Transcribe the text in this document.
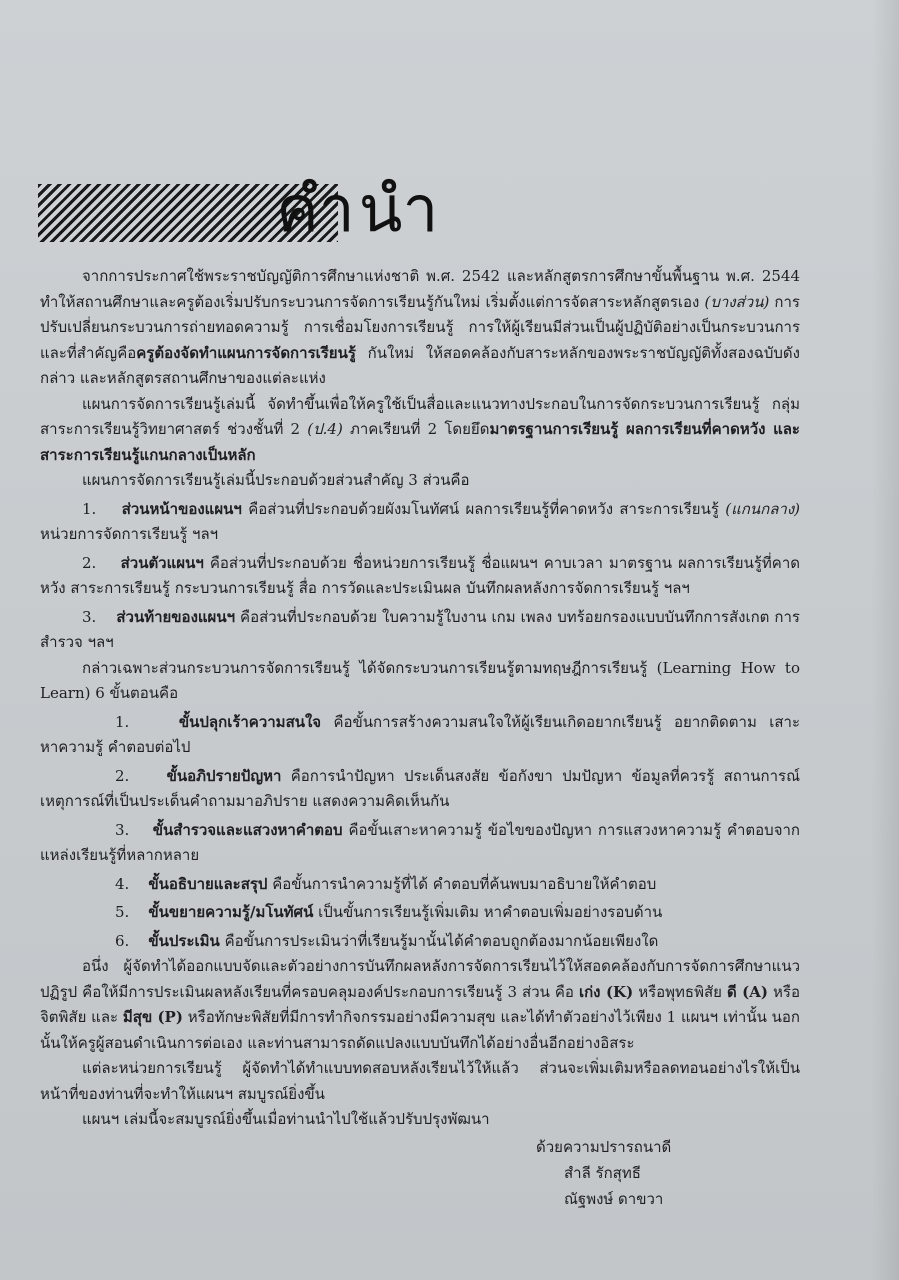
คำนำ

จากการประกาศใช้พระราชบัญญัติการศึกษาแห่งชาติ พ.ศ. 2542 และหลักสูตรการศึกษาขั้นพื้นฐาน พ.ศ. 2544 ทำให้สถานศึกษาและครูต้องเริ่มปรับกระบวนการจัดการเรียนรู้กันใหม่ เริ่มตั้งแต่การจัดสาระหลักสูตรเอง (บางส่วน) การปรับเปลี่ยนกระบวนการถ่ายทอดความรู้ การเชื่อมโยงการเรียนรู้ การให้ผู้เรียนมีส่วนเป็นผู้ปฏิบัติอย่างเป็นกระบวนการ และที่สำคัญคือครูต้องจัดทำแผนการจัดการเรียนรู้ กันใหม่ ให้สอดคล้องกับสาระหลักของพระราชบัญญัติทั้งสองฉบับดังกล่าว และหลักสูตรสถานศึกษาของแต่ละแห่ง

แผนการจัดการเรียนรู้เล่มนี้ จัดทำขึ้นเพื่อให้ครูใช้เป็นสื่อและแนวทางประกอบในการจัดกระบวนการเรียนรู้ กลุ่มสาระการเรียนรู้วิทยาศาสตร์ ช่วงชั้นที่ 2 (ป.4) ภาคเรียนที่ 2 โดยยึดมาตรฐานการเรียนรู้ ผลการเรียนที่คาดหวัง และสาระการเรียนรู้แกนกลางเป็นหลัก

แผนการจัดการเรียนรู้เล่มนี้ประกอบด้วยส่วนสำคัญ 3 ส่วนคือ

1. ส่วนหน้าของแผนฯ คือส่วนที่ประกอบด้วยผังมโนทัศน์ ผลการเรียนรู้ที่คาดหวัง สาระการเรียนรู้ (แกนกลาง) หน่วยการจัดการเรียนรู้ ฯลฯ

2. ส่วนตัวแผนฯ คือส่วนที่ประกอบด้วย ชื่อหน่วยการเรียนรู้ ชื่อแผนฯ คาบเวลา มาตรฐาน ผลการเรียนรู้ที่คาดหวัง สาระการเรียนรู้ กระบวนการเรียนรู้ สื่อ การวัดและประเมินผล บันทึกผลหลังการจัดการเรียนรู้ ฯลฯ

3. ส่วนท้ายของแผนฯ คือส่วนที่ประกอบด้วย ใบความรู้ใบงาน เกม เพลง บทร้อยกรองแบบบันทึกการสังเกต การสำรวจ ฯลฯ

กล่าวเฉพาะส่วนกระบวนการจัดการเรียนรู้ ได้จัดกระบวนการเรียนรู้ตามทฤษฎีการเรียนรู้ (Learning How to Learn) 6 ขั้นตอนคือ

1.	ขั้นปลุกเร้าความสนใจ คือขั้นการสร้างความสนใจให้ผู้เรียนเกิดอยากเรียนรู้ อยากติดตาม เสาะหาความรู้ คำตอบต่อไป

2. ขั้นอภิปรายปัญหา คือการนำปัญหา ประเด็นสงสัย ข้อกังขา ปมปัญหา ข้อมูลที่ควรรู้ สถานการณ์ เหตุการณ์ที่เป็นประเด็นคำถามมาอภิปราย แสดงความคิดเห็นกัน

3. ขั้นสำรวจและแสวงหาคำตอบ คือขั้นเสาะหาความรู้ ข้อไขของปัญหา การแสวงหาความรู้ คำตอบจากแหล่งเรียนรู้ที่หลากหลาย

4. ขั้นอธิบายและสรุป คือขั้นการนำความรู้ที่ได้ คำตอบที่ค้นพบมาอธิบายให้คำตอบ

5. ขั้นขยายความรู้/มโนทัศน์ เป็นขั้นการเรียนรู้เพิ่มเติม หาคำตอบเพิ่มอย่างรอบด้าน

6. ขั้นประเมิน คือขั้นการประเมินว่าที่เรียนรู้มานั้นได้คำตอบถูกต้องมากน้อยเพียงใด

อนึ่ง ผู้จัดทำได้ออกแบบจัดและตัวอย่างการบันทึกผลหลังการจัดการเรียนไว้ให้สอดคล้องกับการจัดการศึกษาแนวปฏิรูป คือให้มีการประเมินผลหลังเรียนที่ครอบคลุมองค์ประกอบการเรียนรู้ 3 ส่วน คือ เก่ง (K) หรือพุทธพิสัย ดี (A) หรือจิตพิสัย และ มีสุข (P) หรือทักษะพิสัยที่มีการทำกิจกรรมอย่างมีความสุข และได้ทำตัวอย่างไว้เพียง 1 แผนฯ เท่านั้น นอกนั้นให้ครูผู้สอนดำเนินการต่อเอง และท่านสามารถดัดแปลงแบบบันทึกได้อย่างอื่นอีกอย่างอิสระ

แต่ละหน่วยการเรียนรู้ ผู้จัดทำได้ทำแบบทดสอบหลังเรียนไว้ให้แล้ว ส่วนจะเพิ่มเติมหรือลดทอนอย่างไรให้เป็นหน้าที่ของท่านที่จะทำให้แผนฯ สมบูรณ์ยิ่งขึ้น

แผนฯ เล่มนี้จะสมบูรณ์ยิ่งขึ้นเมื่อท่านนำไปใช้แล้วปรับปรุงพัฒนา

ด้วยความปรารถนาดี
สำลี รักสุทธี
ณัฐพงษ์ ดาขวา
